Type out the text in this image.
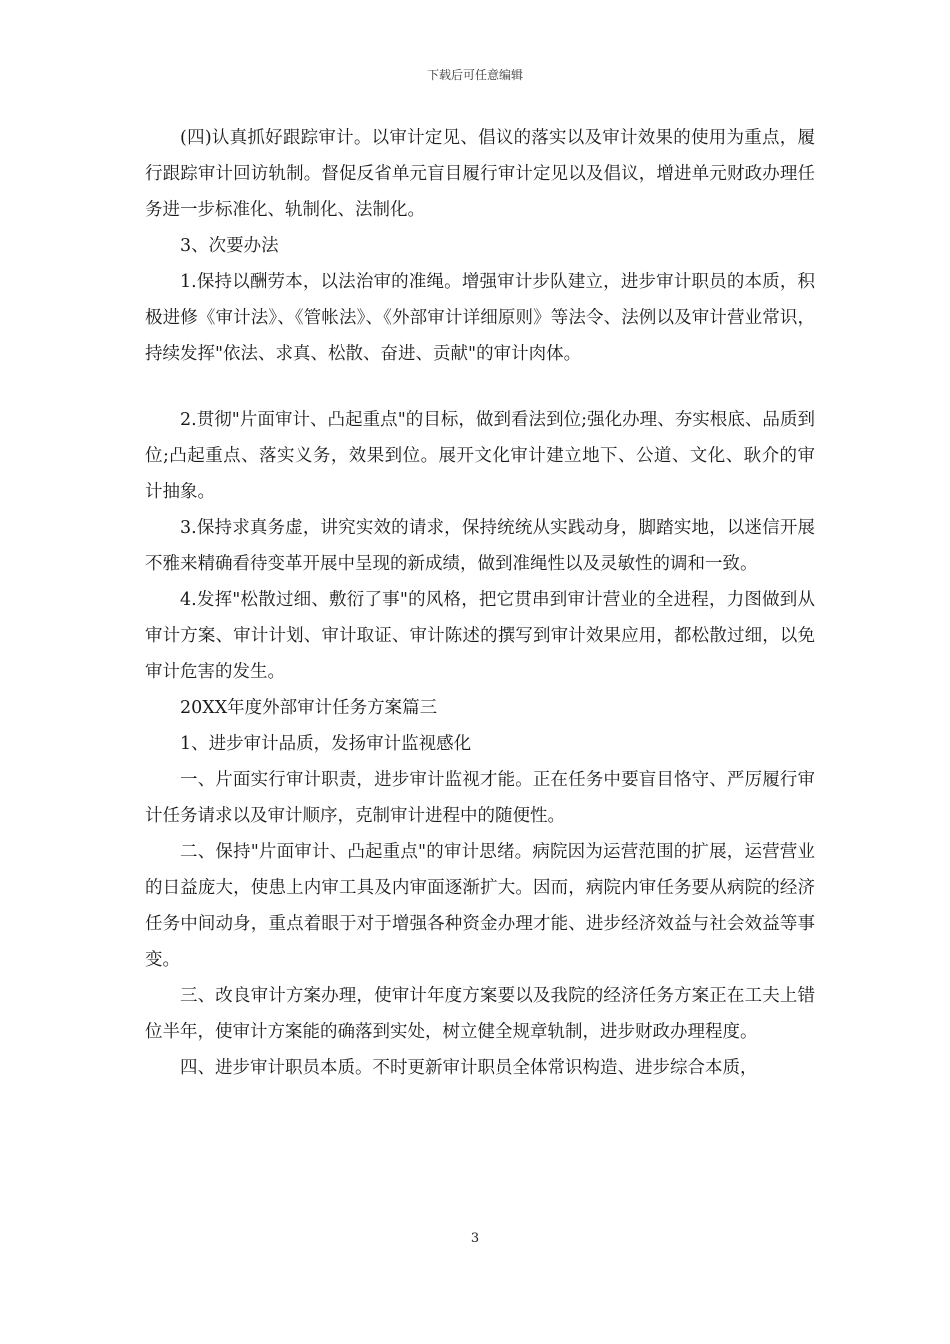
下载后可任意编辑

(四)认真抓好跟踪审计。以审计定见、倡议的落实以及审计效果的使用为重点，履行跟踪审计回访轨制。督促反省单元盲目履行审计定见以及倡议，增进单元财政办理任务进一步标准化、轨制化、法制化。

3、次要办法

1.保持以酬劳本，以法治审的准绳。增强审计步队建立，进步审计职员的本质，积极进修《审计法》、《管帐法》、《外部审计详细原则》等法令、法例以及审计营业常识，持续发挥"依法、求真、松散、奋进、贡献"的审计肉体。

2.贯彻"片面审计、凸起重点"的目标，做到看法到位;强化办理、夯实根底、品质到位;凸起重点、落实义务，效果到位。展开文化审计建立地下、公道、文化、耿介的审计抽象。

3.保持求真务虚，讲究实效的请求，保持统统从实践动身，脚踏实地，以迷信开展不雅来精确看待变革开展中呈现的新成绩，做到准绳性以及灵敏性的调和一致。

4.发挥"松散过细、敷衍了事"的风格，把它贯串到审计营业的全进程，力图做到从审计方案、审计计划、审计取证、审计陈述的撰写到审计效果应用，都松散过细，以免审计危害的发生。

20XX年度外部审计任务方案篇三

1、进步审计品质，发扬审计监视感化

一、片面实行审计职责，进步审计监视才能。正在任务中要盲目恪守、严厉履行审计任务请求以及审计顺序，克制审计进程中的随便性。

二、保持"片面审计、凸起重点"的审计思绪。病院因为运营范围的扩展，运营营业的日益庞大，使患上内审工具及内审面逐渐扩大。因而，病院内审任务要从病院的经济任务中间动身，重点着眼于对于增强各种资金办理才能、进步经济效益与社会效益等事变。

三、改良审计方案办理，使审计年度方案要以及我院的经济任务方案正在工夫上错位半年，使审计方案能的确落到实处，树立健全规章轨制，进步财政办理程度。

四、进步审计职员本质。不时更新审计职员全体常识构造、进步综合本质，

3
